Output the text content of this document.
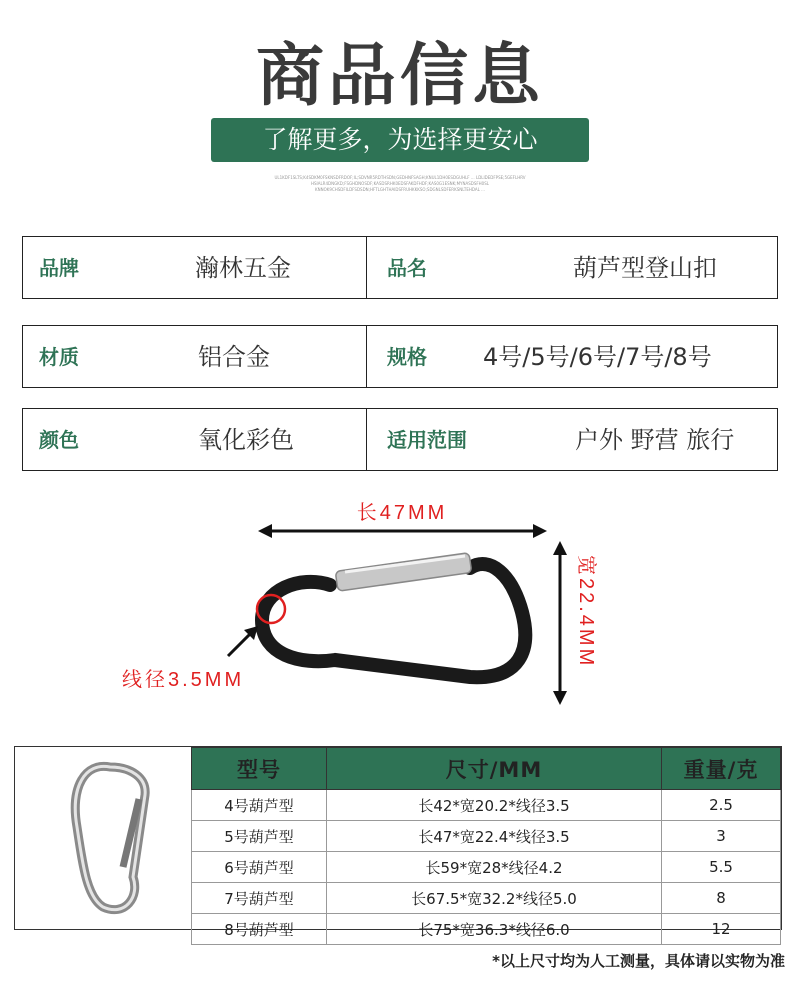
商品信息
了解更多，为选择更安心
UL1KDF1SLTS;K4SDKM0FSKNSDFRDOF;IL;SDVNR5RDTHSDN;GEDHNFSAGH;KNUL1DH0ESDGUHLF ... LDLIDEDFPSE;5GEFLHRV HSIALR4DNGKD;FSGHDNOSDF;KASDSRHK0EDSFAKDFHDF;KAS0G1ESNK;MYNASDSFH0SL KNNOK9CHSDFILDFSDSDN;HFTLGHTHAIDSFRUHKKKSO;SDGNLSDFERKSNLTEHDAL ...
品牌	瀚林五金	品名	葫芦型登山扣
材质	铝合金	规格 4号/5号/6号/7号/8号
颜色	氧化彩色	适用范围	户外 野营 旅行
长47MM
宽22.4MM
线径3.5MM
型号	尺寸/MM	重量/克
4号葫芦型	长42*宽20.2*线径3.5	2.5
5号葫芦型	长47*宽22.4*线径3.5	3
6号葫芦型	长59*宽28*线径4.2	5.5
7号葫芦型	长67.5*宽32.2*线径5.0	8
8号葫芦型	长75*宽36.3*线径6.0	12
*以上尺寸均为人工测量，具体请以实物为准
